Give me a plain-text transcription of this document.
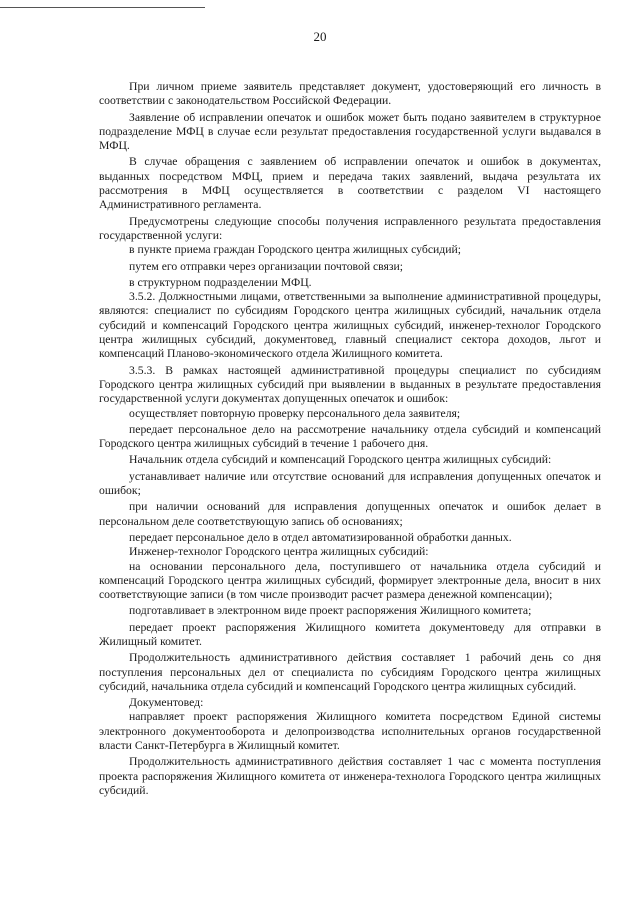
20

При личном приеме заявитель представляет документ, удостоверяющий его личность в соответствии с законодательством Российской Федерации.

Заявление об исправлении опечаток и ошибок может быть подано заявителем в структурное подразделение МФЦ в случае если результат предоставления государственной услуги выдавался в МФЦ.

В случае обращения с заявлением об исправлении опечаток и ошибок в документах, выданных посредством МФЦ, прием и передача таких заявлений, выдача результата их рассмотрения в МФЦ осуществляется в соответствии с разделом VI настоящего Административного регламента.

Предусмотрены следующие способы получения исправленного результата предоставления государственной услуги:

в пункте приема граждан Городского центра жилищных субсидий;

путем его отправки через организации почтовой связи;

в структурном подразделении МФЦ.

3.5.2. Должностными лицами, ответственными за выполнение административной процедуры, являются: специалист по субсидиям Городского центра жилищных субсидий, начальник отдела субсидий и компенсаций Городского центра жилищных субсидий, инженер-технолог Городского центра жилищных субсидий, документовед, главный специалист сектора доходов, льгот и компенсаций Планово-экономического отдела Жилищного комитета.

3.5.3. В рамках настоящей административной процедуры специалист по субсидиям Городского центра жилищных субсидий при выявлении в выданных в результате предоставления государственной услуги документах допущенных опечаток и ошибок:

осуществляет повторную проверку персонального дела заявителя;

передает персональное дело на рассмотрение начальнику отдела субсидий и компенсаций Городского центра жилищных субсидий в течение 1 рабочего дня.

Начальник отдела субсидий и компенсаций Городского центра жилищных субсидий:

устанавливает наличие или отсутствие оснований для исправления допущенных опечаток и ошибок;

при наличии оснований для исправления допущенных опечаток и ошибок делает в персональном деле соответствующую запись об основаниях;

передает персональное дело в отдел автоматизированной обработки данных.

Инженер-технолог Городского центра жилищных субсидий:

на основании персонального дела, поступившего от начальника отдела субсидий и компенсаций Городского центра жилищных субсидий, формирует электронные дела, вносит в них соответствующие записи (в том числе производит расчет размера денежной компенсации);

подготавливает в электронном виде проект распоряжения Жилищного комитета;

передает проект распоряжения Жилищного комитета документоведу для отправки в Жилищный комитет.

Продолжительность административного действия составляет 1 рабочий день со дня поступления персональных дел от специалиста по субсидиям Городского центра жилищных субсидий, начальника отдела субсидий и компенсаций Городского центра жилищных субсидий.

Документовед:

направляет проект распоряжения Жилищного комитета посредством Единой системы электронного документооборота и делопроизводства исполнительных органов государственной власти Санкт-Петербурга в Жилищный комитет.

Продолжительность административного действия составляет 1 час с момента поступления проекта распоряжения Жилищного комитета от инженера-технолога Городского центра жилищных субсидий.
